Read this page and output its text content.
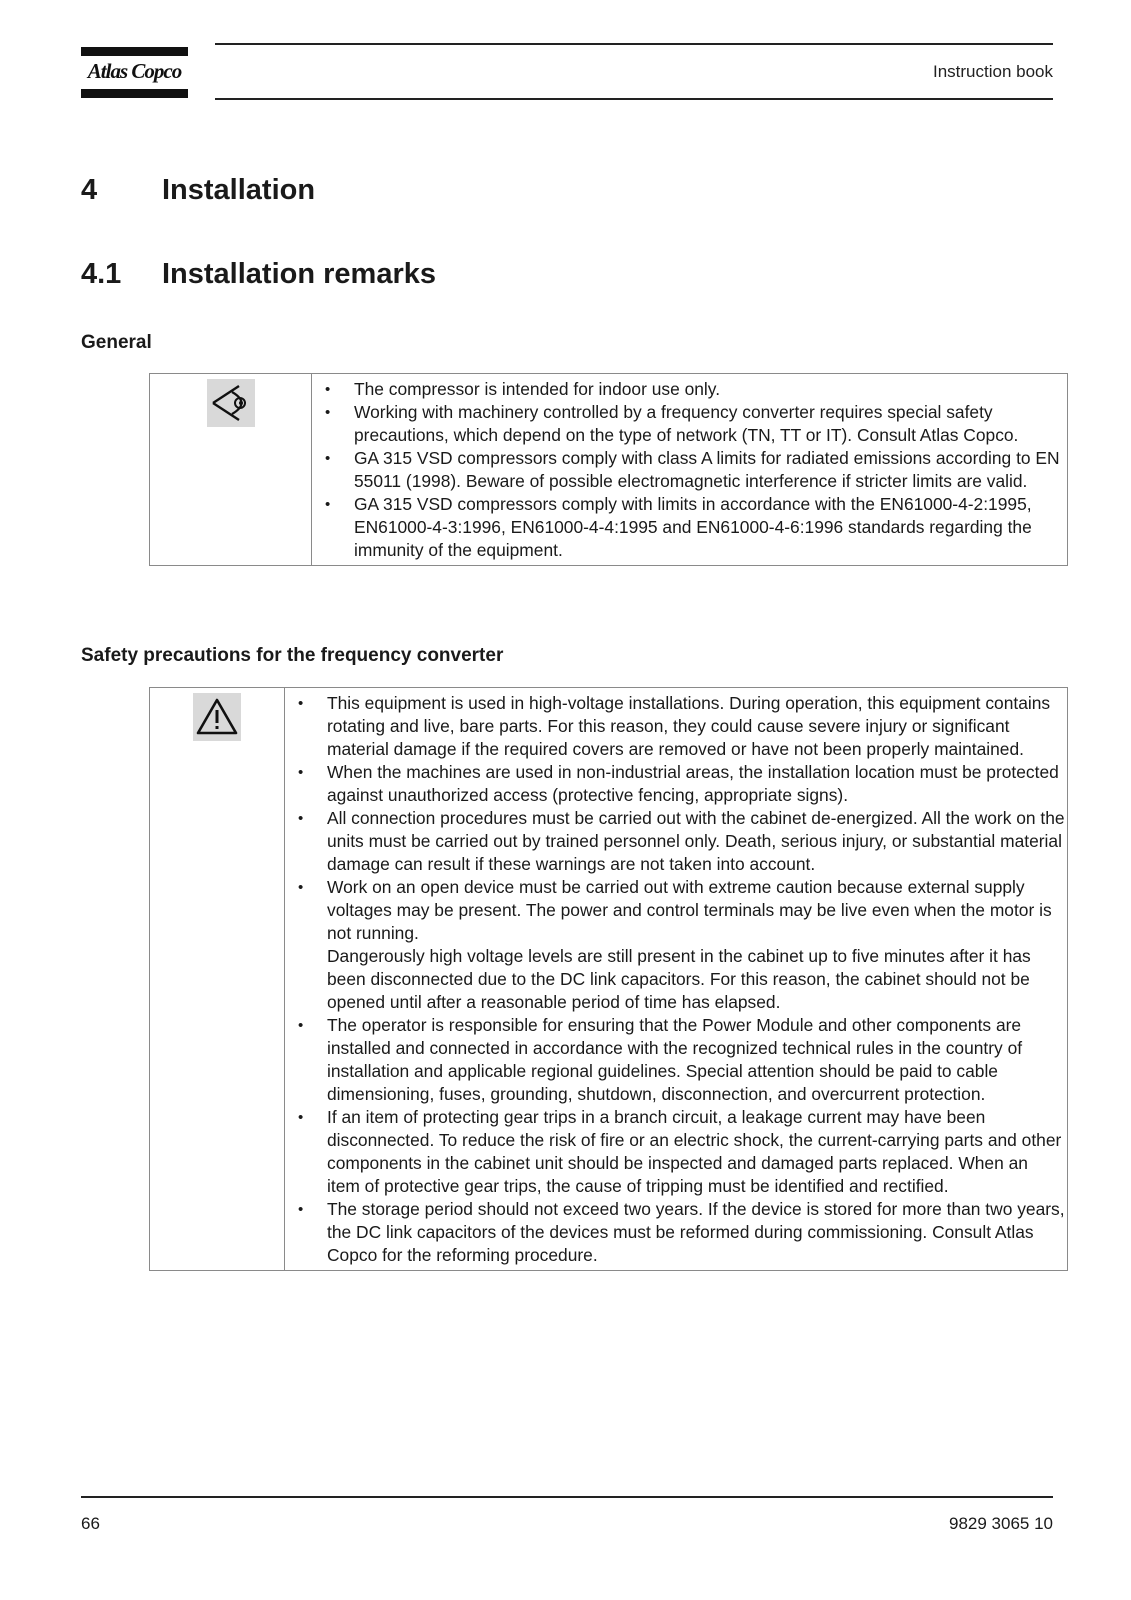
Atlas Copco	Instruction book
4 Installation
4.1 Installation remarks
General

• The compressor is intended for indoor use only.
• Working with machinery controlled by a frequency converter requires special safety precautions, which depend on the type of network (TN, TT or IT). Consult Atlas Copco.
• GA 315 VSD compressors comply with class A limits for radiated emissions according to EN 55011 (1998). Beware of possible electromagnetic interference if stricter limits are valid.
• GA 315 VSD compressors comply with limits in accordance with the EN61000-4-2:1995, EN61000-4-3:1996, EN61000-4-4:1995 and EN61000-4-6:1996 standards regarding the immunity of the equipment.
Safety precautions for the frequency converter

• This equipment is used in high-voltage installations. During operation, this equipment contains rotating and live, bare parts. For this reason, they could cause severe injury or significant material damage if the required covers are removed or have not been properly maintained.
• When the machines are used in non-industrial areas, the installation location must be protected against unauthorized access (protective fencing, appropriate signs).
• All connection procedures must be carried out with the cabinet de-energized. All the work on the units must be carried out by trained personnel only. Death, serious injury, or substantial material damage can result if these warnings are not taken into account.
• Work on an open device must be carried out with extreme caution because external supply voltages may be present. The power and control terminals may be live even when the motor is not running.
Dangerously high voltage levels are still present in the cabinet up to five minutes after it has been disconnected due to the DC link capacitors. For this reason, the cabinet should not be opened until after a reasonable period of time has elapsed.
• The operator is responsible for ensuring that the Power Module and other components are installed and connected in accordance with the recognized technical rules in the country of installation and applicable regional guidelines. Special attention should be paid to cable dimensioning, fuses, grounding, shutdown, disconnection, and overcurrent protection.
• If an item of protecting gear trips in a branch circuit, a leakage current may have been disconnected. To reduce the risk of fire or an electric shock, the current-carrying parts and other components in the cabinet unit should be inspected and damaged parts replaced. When an item of protective gear trips, the cause of tripping must be identified and rectified.
• The storage period should not exceed two years. If the device is stored for more than two years, the DC link capacitors of the devices must be reformed during commissioning. Consult Atlas Copco for the reforming procedure.
66	9829 3065 10
